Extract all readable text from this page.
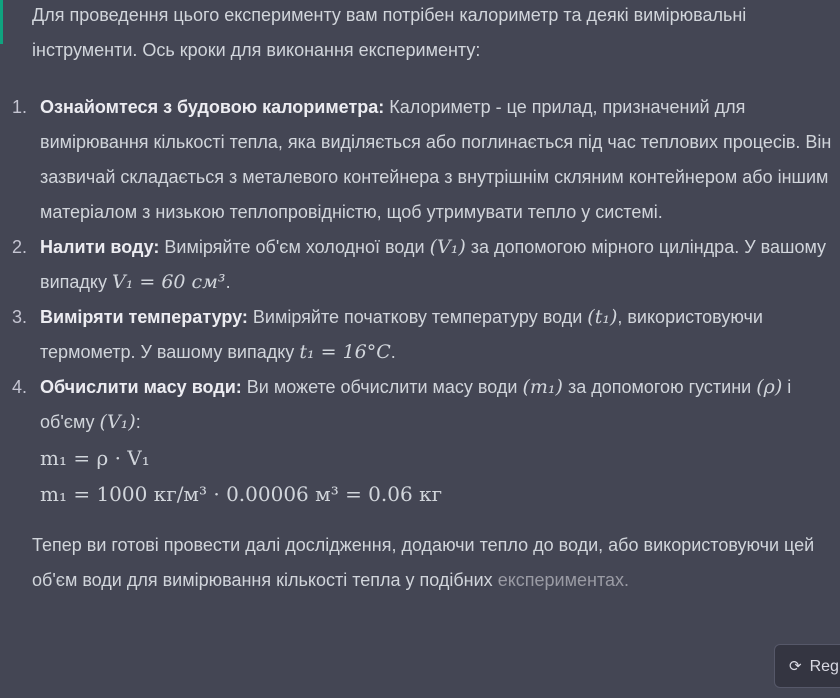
Для проведення цього експерименту вам потрібен калориметр та деякі вимірювальні інструменти. Ось кроки для виконання експерименту:

1. Ознайомтеся з будовою калориметра: Калориметр - це прилад, призначений для вимірювання кількості тепла, яка виділяється або поглинається під час теплових процесів. Він зазвичай складається з металевого контейнера з внутрішнім скляним контейнером або іншим матеріалом з низькою теплопровідністю, щоб утримувати тепло у системі.
2. Налити воду: Виміряйте об'єм холодної води (V₁) за допомогою мірного циліндра. У вашому випадку V₁ = 60 см³.
3. Виміряти температуру: Виміряйте початкову температуру води (t₁), використовуючи термометр. У вашому випадку t₁ = 16°C.
4. Обчислити масу води: Ви можете обчислити масу води (m₁) за допомогою густини (ρ) і об'єму (V₁):
m₁ = ρ · V₁
m₁ = 1000 кг/м³ · 0.00006 м³ = 0.06 кг

Тепер ви готові провести далі дослідження, додаючи тепло до води, або використовуючи цей об'єм води для вимірювання кількості тепла у подібних експериментах.

⟳ Reg
